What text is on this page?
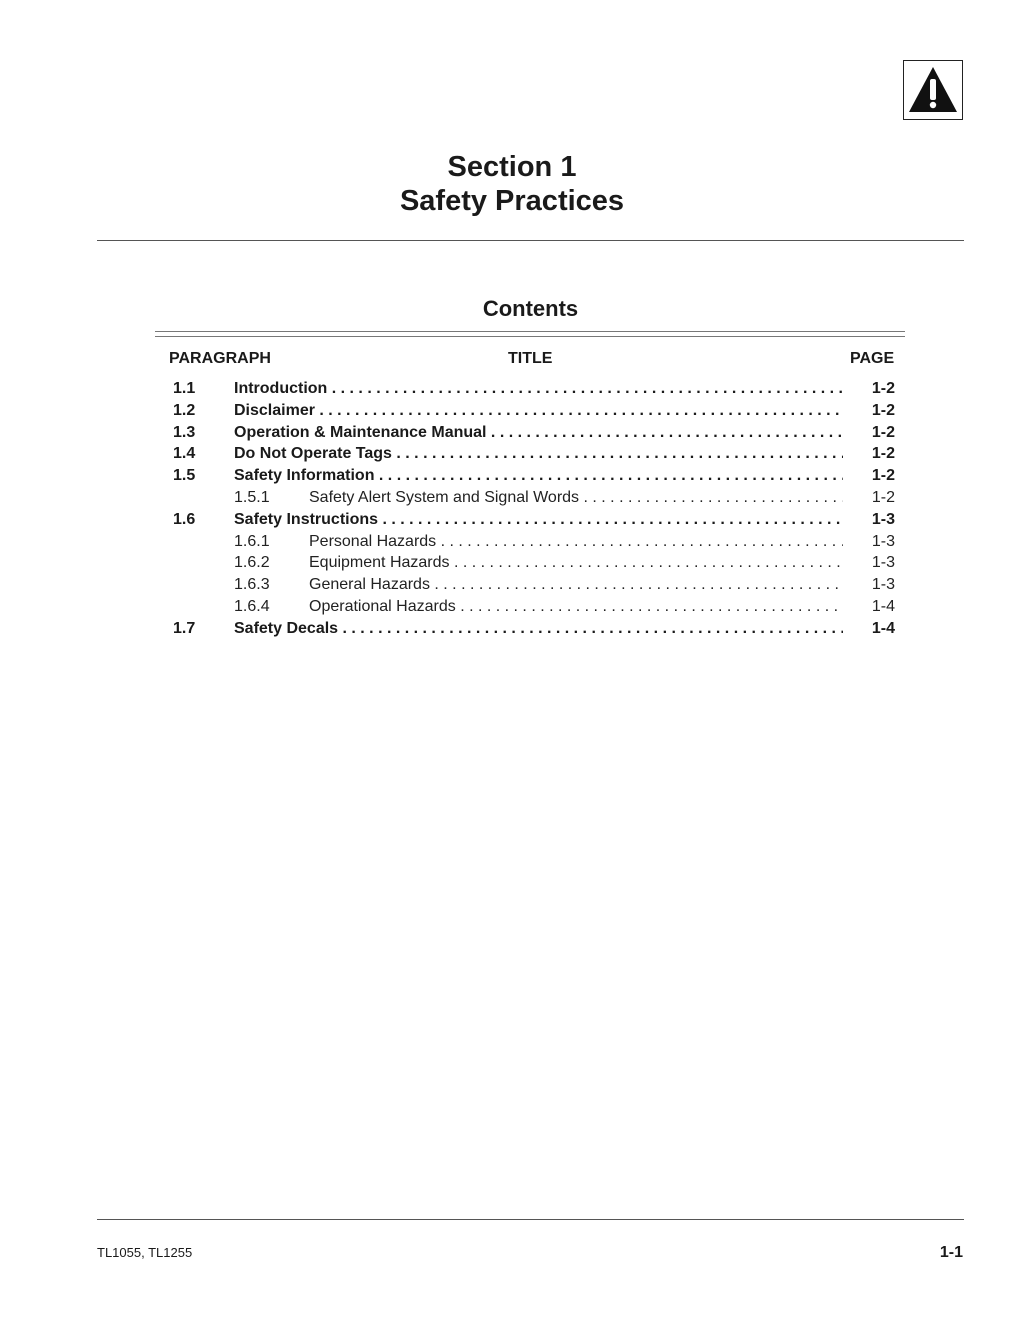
Section 1
Safety Practices
Contents
PARAGRAPH	TITLE	PAGE
1.1 Introduction . . .	1-2
1.2 Disclaimer . . .	1-2
1.3 Operation & Maintenance Manual . . .	1-2
1.4 Do Not Operate Tags . . .	1-2
1.5 Safety Information . . .	1-2
1.5.1 Safety Alert System and Signal Words . . .	1-2
1.6 Safety Instructions . . .	1-3
1.6.1 Personal Hazards . . .	1-3
1.6.2 Equipment Hazards . . .	1-3
1.6.3 General Hazards . . .	1-3
1.6.4 Operational Hazards . . .	1-4
1.7 Safety Decals . . .	1-4
TL1055, TL1255	1-1
